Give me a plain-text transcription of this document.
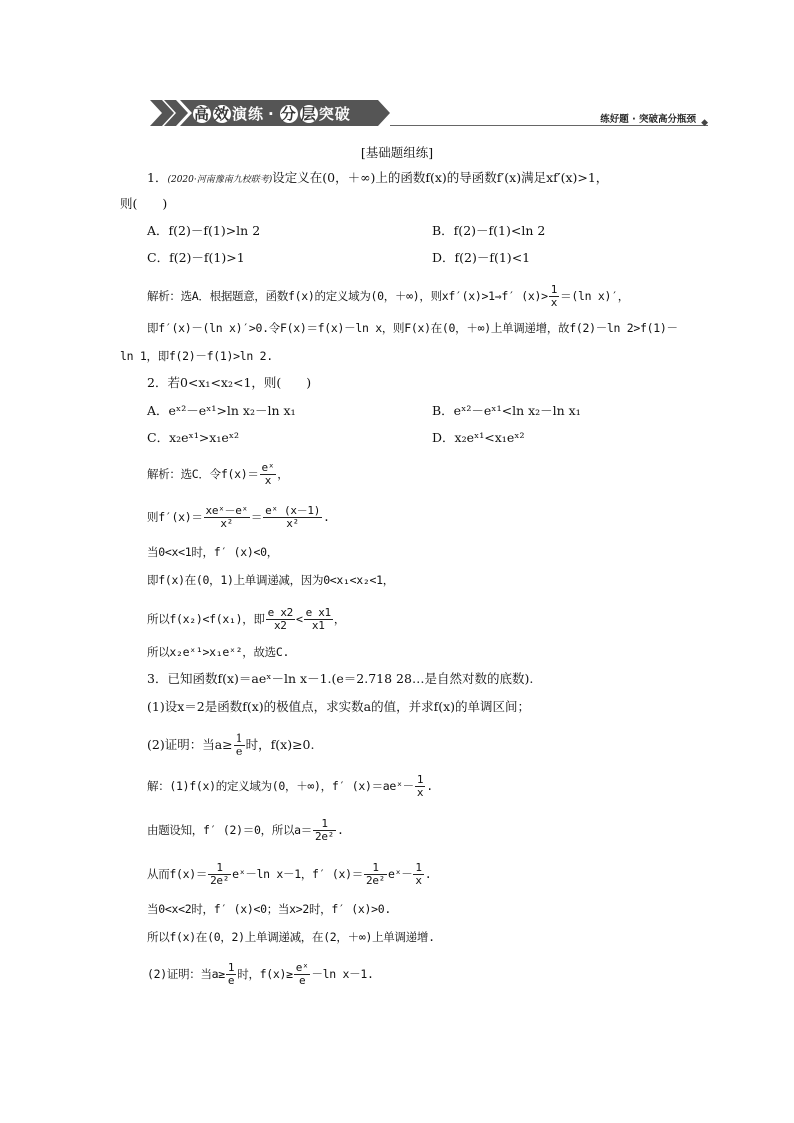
高 效 演练 · 分 层 突破	练好题 · 突破高分瓶颈 ◆
[基础题组练]
1．(2020·河南豫南九校联考)设定义在(0，＋∞)上的函数f(x)的导函数f′(x)满足xf′(x)>1，
则(　　)
A．f(2)－f(1)>ln 2	B．f(2)－f(1)<ln 2
C．f(2)－f(1)>1	D．f(2)－f(1)<1
解析：选A．根据题意，函数f(x)的定义域为(0，＋∞)，则xf′(x)>1⇒f′ $(x)> \frac{1}{x} =(\ln$ x)′，
即f′(x)－(ln x)′>0.令F(x)＝f(x)－ln x，则F(x)在(0，＋∞)上单调递增，故f(2)－ln 2>f(1)－
ln 1，即f(2)－f(1)>ln 2.
2．若0<x₁<x₂<1，则(　　)
A．eˣ²－eˣ¹>ln x₂－ln x₁	B．eˣ²－eˣ¹<ln x₂－ln x₁
C．x₂eˣ¹>x₁eˣ²	D．x₂eˣ¹<x₁eˣ²
解析：选C．令$f(x)= \frac{\text{eˣ}}{x}$ ，
则$f'(x)= \frac{\text{xeˣ－eˣ}}{\text{x²}} = \frac{\text{eˣ (x－1)}}{\text{x²}}$ .
当0<x<1时，f′ (x)<0，
即f(x)在(0，1)上单调递减，因为0<x₁<x₂<1，
所以f(x₂)<f(x₁)，即 $\frac{\text{e x2}}{x2} < \frac{\text{e x1}}{x1}$ ，
所以x₂eˣ¹>x₁eˣ²，故选C.
3．已知函数f(x)＝aeˣ－ln x－1.(e＝2.718 28…是自然对数的底数).
(1)设x＝2是函数f(x)的极值点，求实数a的值，并求f(x)的单调区间；
(2)证明：当$a\ge \frac{1}{e}$ 时，f(x)≥0.
解：(1)f(x)的定义域为(0，＋∞)，f′ (x)＝aeˣ－ $\frac{1}{x}$ .
由题设知，f′ (2)＝0，所以$a= \frac{1}{\text{2e²}}$ .
从而$f(x)= \frac{1}{\text{2e²}}$ eˣ－ln x－1，f′ $(x)= \frac{1}{\text{2e²}}$ eˣ－ $\frac{1}{x}$ .
当0<x<2时，f′ (x)<0；当x>2时，f′ (x)>0.
所以f(x)在(0，2)上单调递减，在(2，＋∞)上单调递增.
(2)证明：当$a\ge \frac{1}{e}$ 时，$f(x)\ge \frac{\text{eˣ}}{e} -\ln$ x－1.
